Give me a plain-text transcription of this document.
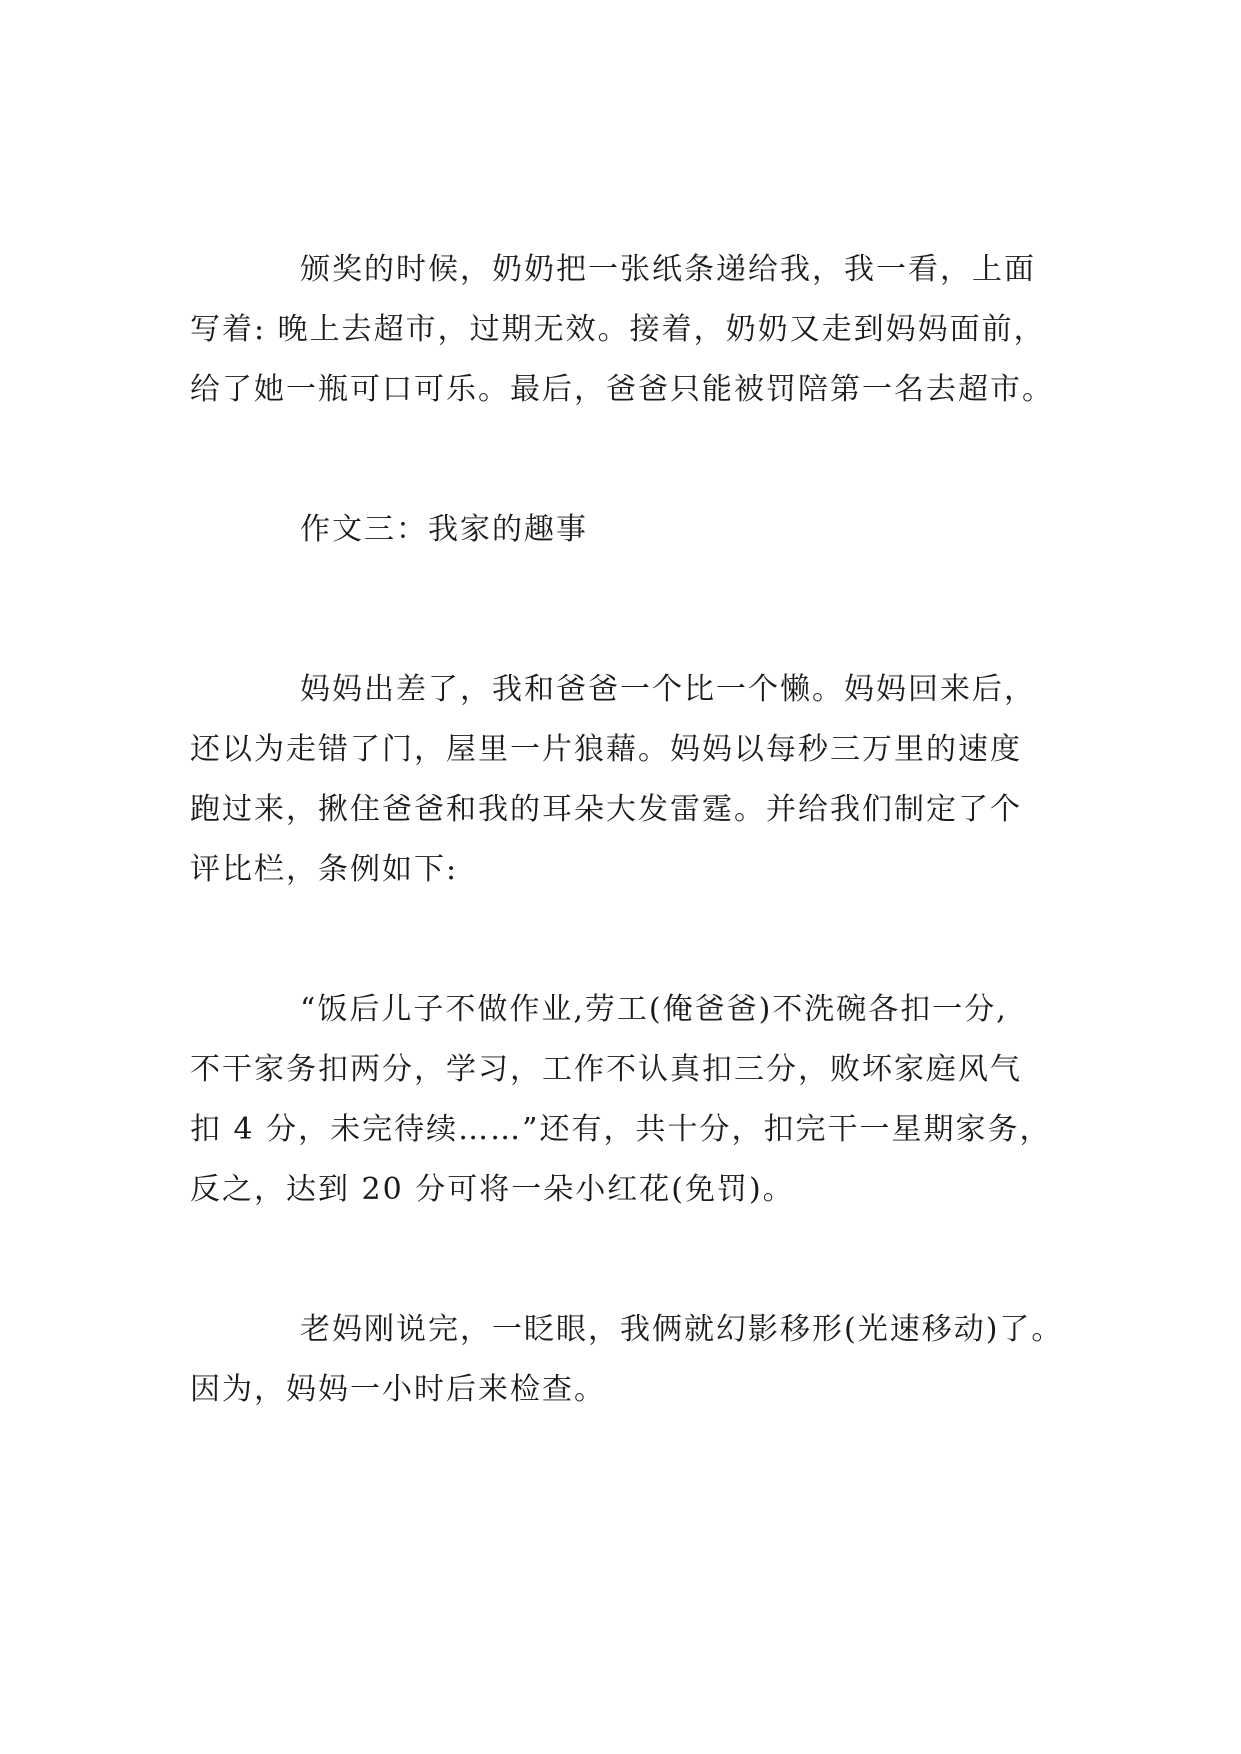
颁奖的时候，奶奶把一张纸条递给我，我一看，上面
写着: 晚上去超市，过期无效。接着，奶奶又走到妈妈面前，
给了她一瓶可口可乐。最后，爸爸只能被罚陪第一名去超市。
作文三：我家的趣事
妈妈出差了，我和爸爸一个比一个懒。妈妈回来后，
还以为走错了门，屋里一片狼藉。妈妈以每秒三万里的速度
跑过来，揪住爸爸和我的耳朵大发雷霆。并给我们制定了个
评比栏，条例如下:
“饭后儿子不做作业,劳工(俺爸爸)不洗碗各扣一分,
不干家务扣两分，学习，工作不认真扣三分，败坏家庭风气
扣 4 分，未完待续……”还有，共十分，扣完干一星期家务，
反之，达到 20 分可将一朵小红花(免罚)。
老妈刚说完，一眨眼，我俩就幻影移形(光速移动)了。
因为，妈妈一小时后来检查。
